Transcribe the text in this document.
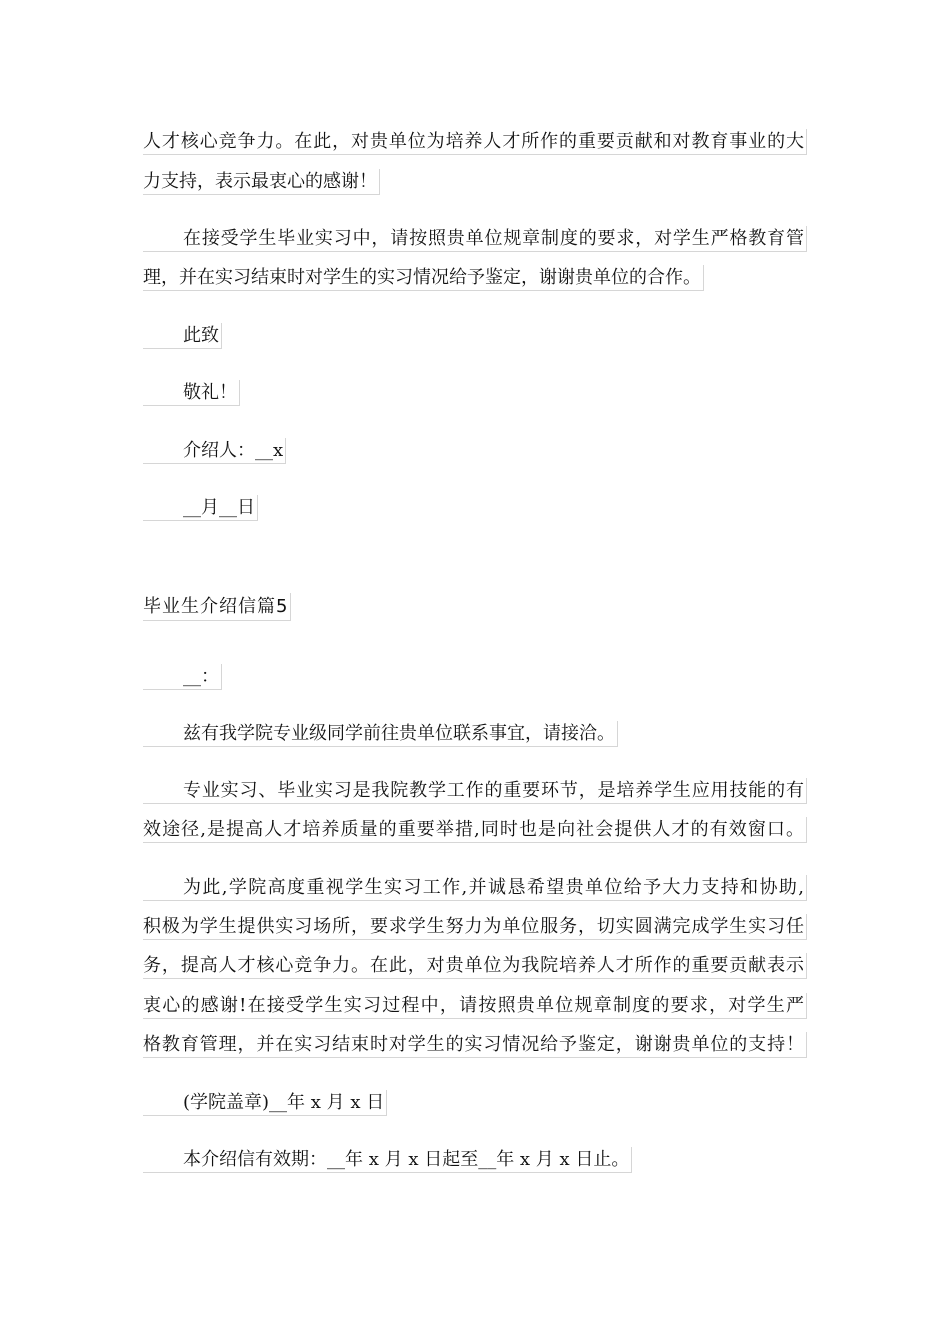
人才核心竞争力。在此，对贵单位为培养人才所作的重要贡献和对教育事业的大
力支持，表示最衷心的感谢！
在接受学生毕业实习中，请按照贵单位规章制度的要求，对学生严格教育管
理，并在实习结束时对学生的实习情况给予鉴定，谢谢贵单位的合作。
此致
敬礼！
介绍人：__x
__月__日
毕业生介绍信篇5
__：
兹有我学院专业级同学前往贵单位联系事宜，请接洽。
专业实习、毕业实习是我院教学工作的重要环节，是培养学生应用技能的有
效途径,是提高人才培养质量的重要举措,同时也是向社会提供人才的有效窗口。
为此,学院高度重视学生实习工作,并诚恳希望贵单位给予大力支持和协助,
积极为学生提供实习场所，要求学生努力为单位服务，切实圆满完成学生实习任
务，提高人才核心竞争力。在此，对贵单位为我院培养人才所作的重要贡献表示
衷心的感谢!在接受学生实习过程中，请按照贵单位规章制度的要求，对学生严
格教育管理，并在实习结束时对学生的实习情况给予鉴定，谢谢贵单位的支持！
(学院盖章)__年 x 月 x 日
本介绍信有效期：__年 x 月 x 日起至__年 x 月 x 日止。
